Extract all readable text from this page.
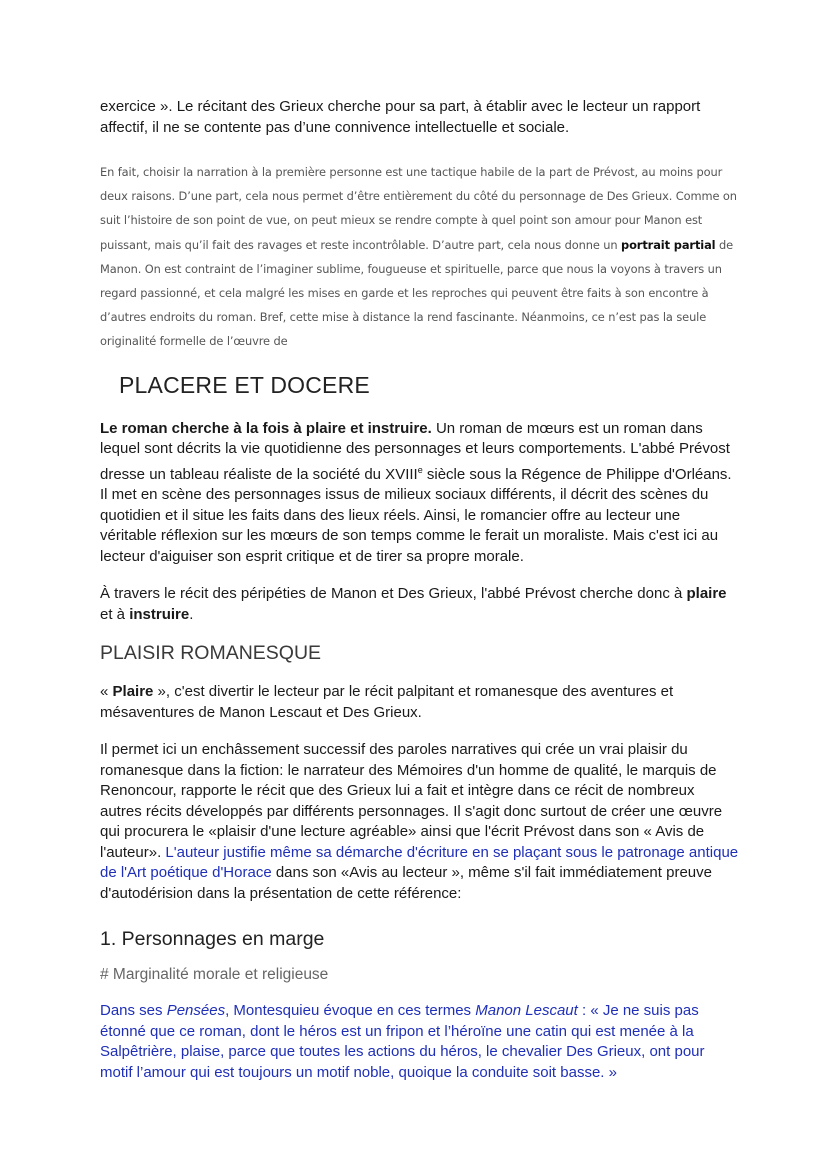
exercice ». Le récitant des Grieux cherche pour sa part, à établir avec le lecteur un rapport affectif, il ne se contente pas d’une connivence intellectuelle et sociale.

En fait, choisir la narration à la première personne est une tactique habile de la part de Prévost, au moins pour deux raisons. D’une part, cela nous permet d’être entièrement du côté du personnage de Des Grieux. Comme on suit l’histoire de son point de vue, on peut mieux se rendre compte à quel point son amour pour Manon est puissant, mais qu’il fait des ravages et reste incontrôlable. D’autre part, cela nous donne un portrait partial de Manon. On est contraint de l’imaginer sublime, fougueuse et spirituelle, parce que nous la voyons à travers un regard passionné, et cela malgré les mises en garde et les reproches qui peuvent être faits à son encontre à d’autres endroits du roman. Bref, cette mise à distance la rend fascinante. Néanmoins, ce n’est pas la seule originalité formelle de l’œuvre de

PLACERE ET DOCERE

Le roman cherche à la fois à plaire et instruire. Un roman de mœurs est un roman dans lequel sont décrits la vie quotidienne des personnages et leurs comportements. L'abbé Prévost dresse un tableau réaliste de la société du XVIIIe siècle sous la Régence de Philippe d'Orléans. Il met en scène des personnages issus de milieux sociaux différents, il décrit des scènes du quotidien et il situe les faits dans des lieux réels. Ainsi, le romancier offre au lecteur une véritable réflexion sur les mœurs de son temps comme le ferait un moraliste. Mais c'est ici au lecteur d'aiguiser son esprit critique et de tirer sa propre morale.

À travers le récit des péripéties de Manon et Des Grieux, l'abbé Prévost cherche donc à plaire et à instruire.

PLAISIR ROMANESQUE

« Plaire », c'est divertir le lecteur par le récit palpitant et romanesque des aventures et mésaventures de Manon Lescaut et Des Grieux.

Il permet ici un enchâssement successif des paroles narratives qui crée un vrai plaisir du romanesque dans la fiction: le narrateur des Mémoires d'un homme de qualité, le marquis de Renoncour, rapporte le récit que des Grieux lui a fait et intègre dans ce récit de nombreux autres récits développés par différents personnages. Il s'agit donc surtout de créer une œuvre qui procurera le «plaisir d'une lecture agréable» ainsi que l'écrit Prévost dans son « Avis de l'auteur». L'auteur justifie même sa démarche d'écriture en se plaçant sous le patronage antique de l'Art poétique d'Horace dans son «Avis au lecteur », même s'il fait immédiatement preuve d'autodérision dans la présentation de cette référence:

1. Personnages en marge
# Marginalité morale et religieuse

Dans ses Pensées, Montesquieu évoque en ces termes Manon Lescaut : « Je ne suis pas étonné que ce roman, dont le héros est un fripon et l’héroïne une catin qui est menée à la Salpêtrière, plaise, parce que toutes les actions du héros, le chevalier Des Grieux, ont pour motif l’amour qui est toujours un motif noble, quoique la conduite soit basse. »
